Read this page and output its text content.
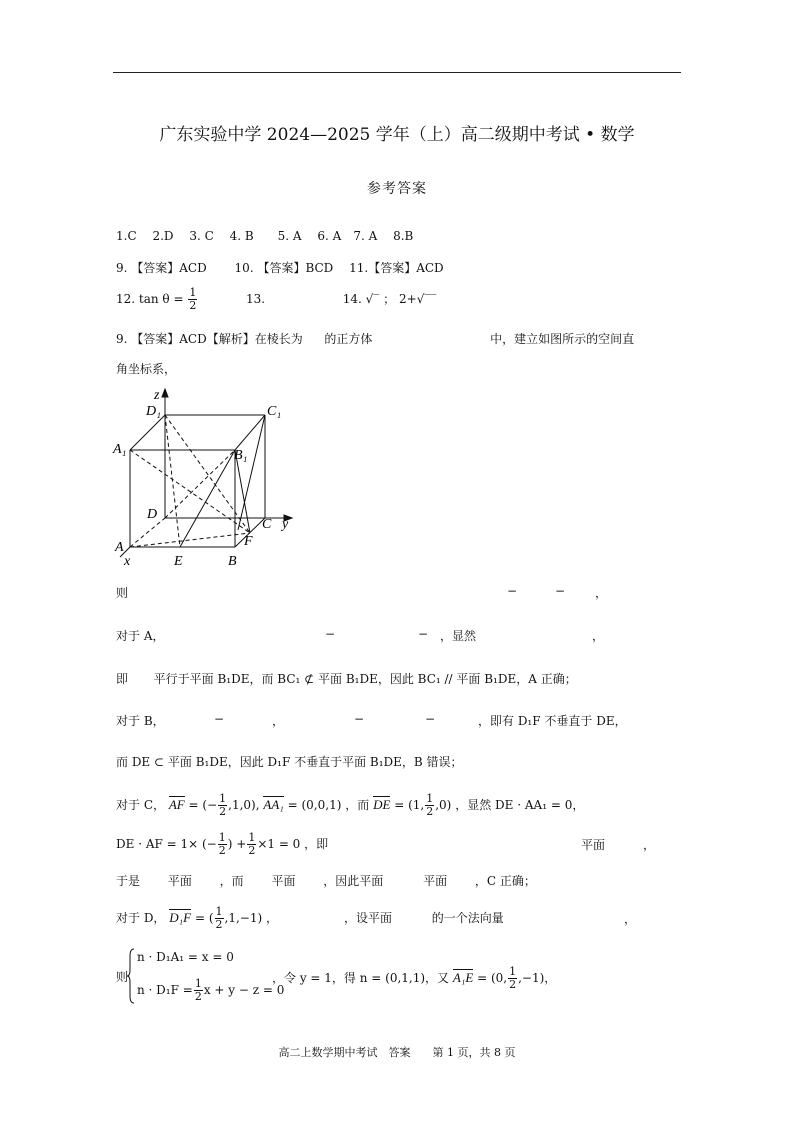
广东实验中学 2024—2025 学年（上）高二级期中考试 • 数学
参考答案
1.C　 2.D　 3. C　 4. B　　5. A　 6. A　7. A　 8.B
9. 【答案】ACD　　 10. 【答案】BCD　 11.【答案】ACD
12. $\tan \theta = \frac{1}{2}$	13.	14. √‾ ； 2+√‾‾
9. 【答案】ACD【解析】在棱长为 的正方体	中，建立如图所示的空间直
角坐标系，
z
D₁	C₁
A₁	B₁
D
C y
A	F
x	E	B
则	−	− ，
对于 A，	−	− ，显然	，
即 平行于平面 B₁DE，而 BC₁ ⊄ 平面 B₁DE，因此 BC₁ // 平面 B₁DE，A 正确；
对于 B，	−	，	−	−	，即有 D₁F 不垂直于 DE，
而 DE ⊂ 平面 B₁DE，因此 D₁F 不垂直于平面 B₁DE，B 错误；
对于 C， AF = (− $\frac{1}{2} ,1,0$), AA₁ = (0,0,1) ，而 DE = (1, $\frac{1}{2} ,0$) ，显然 DE · AA₁ = 0，
DE · AF = 1× (− $\frac{1}{2}$ ) + $\frac{1}{2} \times 1 = 0$ ，即	平面	，
于是　　 平面　　 ，而　　 平面　　 ，因此平面　　　 平面　　 ，C 正确；
对于 D， D₁F = ( $\frac{1}{2} ,1,-1$) ，　　　　　　，设平面　　　 的一个法向量	，
则
n · D₁A₁ = x = 0
$n \cdot D_1F = \frac{1}{2}$ x + y − z = 0
，令 y = 1，得 n = (0,1,1)，又 A₁E = (0, $\frac{1}{2} ,-1$)，
高二上数学期中考试　答案　　第 1 页，共 8 页
